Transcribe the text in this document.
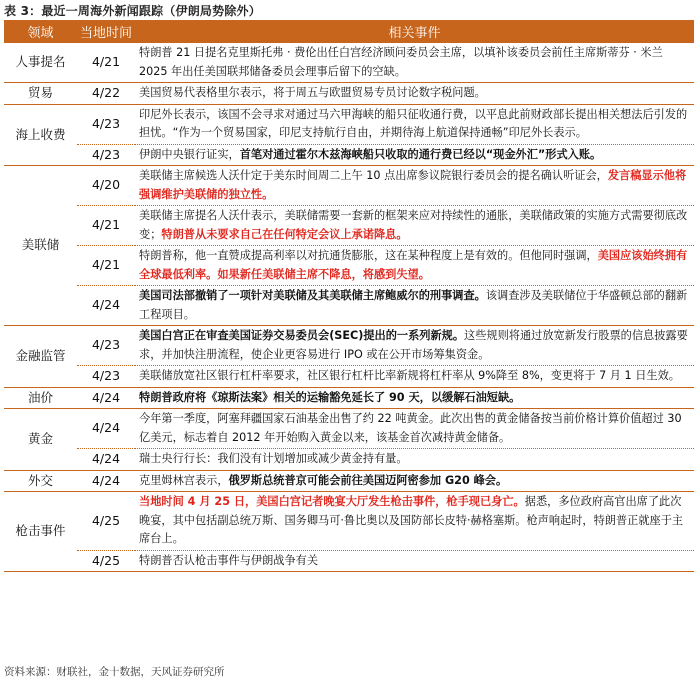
表 3：最近一周海外新闻跟踪（伊朗局势除外）
领域	当地时间	相关事件
人事提名	4/21	特朗普 21 日提名克里斯托弗 · 费伦出任白宫经济顾问委员会主席，以填补该委员会前任主席斯蒂芬 · 米兰 2025 年出任美国联邦储备委员会理事后留下的空缺。
贸易	4/22	美国贸易代表格里尔表示，将于周五与欧盟贸易专员讨论数字税问题。
海上收费	4/23	印尼外长表示，该国不会寻求对通过马六甲海峡的船只征收通行费，以平息此前财政部长提出相关想法后引发的担忧。“作为一个贸易国家，印尼支持航行自由，并期待海上航道保持通畅”印尼外长表示。
	4/23	伊朗中央银行证实，首笔对通过霍尔木兹海峡船只收取的通行费已经以“现金外汇”形式入账。
美联储	4/20	美联储主席候选人沃什定于美东时间周二上午 10 点出席参议院银行委员会的提名确认听证会，发言稿显示他将强调维护美联储的独立性。
	4/21	美联储主席提名人沃什表示，美联储需要一套新的框架来应对持续性的通胀，美联储政策的实施方式需要彻底改变；特朗普从未要求自己在任何特定会议上承诺降息。
	4/21	特朗普称，他一直赞成提高利率以对抗通货膨胀，这在某种程度上是有效的。但他同时强调，美国应该始终拥有全球最低利率。如果新任美联储主席不降息，将感到失望。
	4/24	美国司法部撤销了一项针对美联储及其美联储主席鲍威尔的刑事调查。该调查涉及美联储位于华盛顿总部的翻新工程项目。
金融监管	4/23	美国白宫正在审查美国证券交易委员会(SEC)提出的一系列新规。这些规则将通过放宽新发行股票的信息披露要求，并加快注册流程，使企业更容易进行 IPO 或在公开市场筹集资金。
	4/23	美联储放宽社区银行杠杆率要求，社区银行杠杆比率新规将杠杆率从 9%降至 8%，变更将于 7 月 1 日生效。
油价	4/24	特朗普政府将《琼斯法案》相关的运输豁免延长了 90 天，以缓解石油短缺。
黄金	4/24	今年第一季度，阿塞拜疆国家石油基金出售了约 22 吨黄金。此次出售的黄金储备按当前价格计算价值超过 30 亿美元，标志着自 2012 年开始购入黄金以来，该基金首次减持黄金储备。
	4/24	瑞士央行行长：我们没有计划增加或减少黄金持有量。
外交	4/24	克里姆林宫表示，俄罗斯总统普京可能会前往美国迈阿密参加 G20 峰会。
枪击事件	4/25	当地时间 4 月 25 日，美国白宫记者晚宴大厅发生枪击事件，枪手现已身亡。据悉，多位政府高官出席了此次晚宴，其中包括副总统万斯、国务卿马可·鲁比奥以及国防部长皮特·赫格塞斯。枪声响起时，特朗普正就座于主席台上。
	4/25	特朗普否认枪击事件与伊朗战争有关
资料来源：财联社，金十数据，天风证券研究所
